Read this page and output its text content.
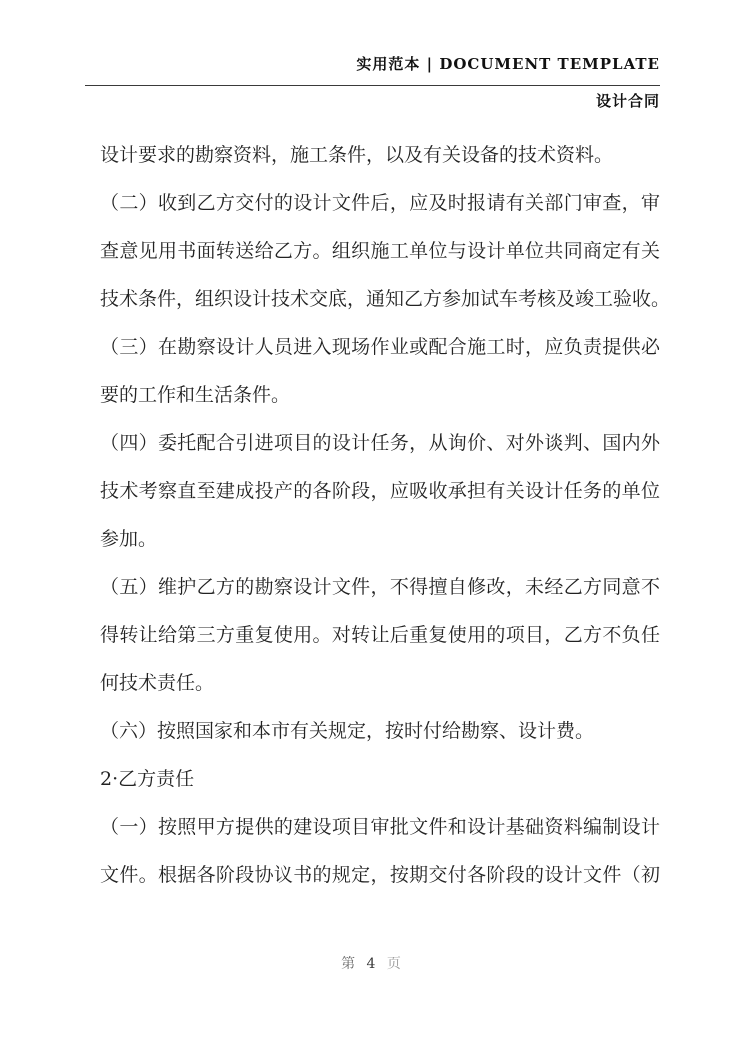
实用范本 | DOCUMENT TEMPLATE
设计合同
设计要求的勘察资料，施工条件，以及有关设备的技术资料。
（二）收到乙方交付的设计文件后，应及时报请有关部门审查，审
查意见用书面转送给乙方。组织施工单位与设计单位共同商定有关
技术条件，组织设计技术交底，通知乙方参加试车考核及竣工验收。
（三）在勘察设计人员进入现场作业或配合施工时，应负责提供必
要的工作和生活条件。
（四）委托配合引进项目的设计任务，从询价、对外谈判、国内外
技术考察直至建成投产的各阶段，应吸收承担有关设计任务的单位
参加。
（五）维护乙方的勘察设计文件，不得擅自修改，未经乙方同意不
得转让给第三方重复使用。对转让后重复使用的项目，乙方不负任
何技术责任。
（六）按照国家和本市有关规定，按时付给勘察、设计费。
2·乙方责任
（一）按照甲方提供的建设项目审批文件和设计基础资料编制设计
文件。根据各阶段协议书的规定，按期交付各阶段的设计文件（初
第 4 页
